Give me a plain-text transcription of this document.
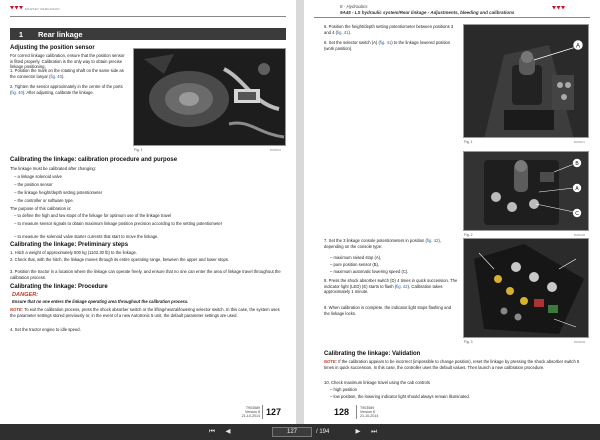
MASSEY FERGUSON
1	Rear linkage
Adjusting the position sensor
For correct linkage calibration, ensure that the position sensor is fitted properly. Calibration is the only way to obtain precise linkage positioning.
1. Position the mark on the rotating shaft on the same side as the connector lanyar (fig. 40).
2. Tighten the sensor approximately in the centre of the ports (fig. 40). After adjusting, calibrate the linkage.
Fig. 1	B045001
Calibrating the linkage: calibration procedure and purpose
The linkage must be calibrated after changing:
– a linkage solenoid valve
– the position sensor
– the linkage height/depth setting potentiometer
– the controller or software type.
The purpose of this calibration is:
– to define the high and low stops of the linkage for optimum use of the linkage travel
– to measure sensor signals to obtain maximum linkage position precision according to the setting potentiometer
– to measure the solenoid valve starter currents that start to move the linkage.
Calibrating the linkage: Preliminary steps
1. Hitch a weight of approximately 500 kg (1102.30 lb) to the linkage.
2. Check that, with the hitch, the linkage moves through its entire operating range, between the upper and lower stops.
3. Position the tractor in a location where the linkage can operate freely, and ensure that no one can enter the area of linkage travel throughout the calibration process.
Calibrating the linkage: Procedure
DANGER:
Ensure that no one enters the linkage operating area throughout the calibration process.
NOTE: To exit the calibration process, press the shock absorber switch or the lifting/neutral/lowering selector switch. In this case, the system uses the parameter settings stored previously or, in the event of a new Autotronic 5 unit, the default parameter settings are used.
4. Set the tractor engine to idle speed.
T903589
Version 8
21-10-2014 127
8 - Hydraulics
9A45 - LS hydraulic system/Rear linkage - Adjustments, bleeding and calibrations
5. Position the height/depth setting potentiometer between positions 3 and 4 (fig. 41).
6. Set the selector switch (A) (fig. 41) to the linkage lowered position (work position).	A
Fig. 1	B045011
B
A
C
Fig. 2	B045120
7. Set the 3 linkage console potentiometers in position (fig. 42), depending on the console type:
– maximum raised stop (A),
– pure position sensor (B),
– maximum automatic lowering speed (C).
8. Press the shock absorber switch (D) 4 times in quick succession. The indicator light (LED) (E) starts to flash (fig. 42). Calibration takes approximately 1 minute.
9. When calibration is complete, the indicator light stops flashing and the linkage locks.
Fig. 3	B045000
Calibrating the linkage: Validation
NOTE: If the calibration appears to be incorrect (impossible to change position), reset the linkage by pressing the shock absorber switch 5 times in quick succession. In this case, the controller uses the default values. Then launch a new calibration procedure.
10. Check maximum linkage travel using the cab controls
– high position
– low position, the lowering indicator light should always remain illuminated.
128	T903589
Version 8
21-10-2014
⏮	◀	127	/ 194	▶	⏭
